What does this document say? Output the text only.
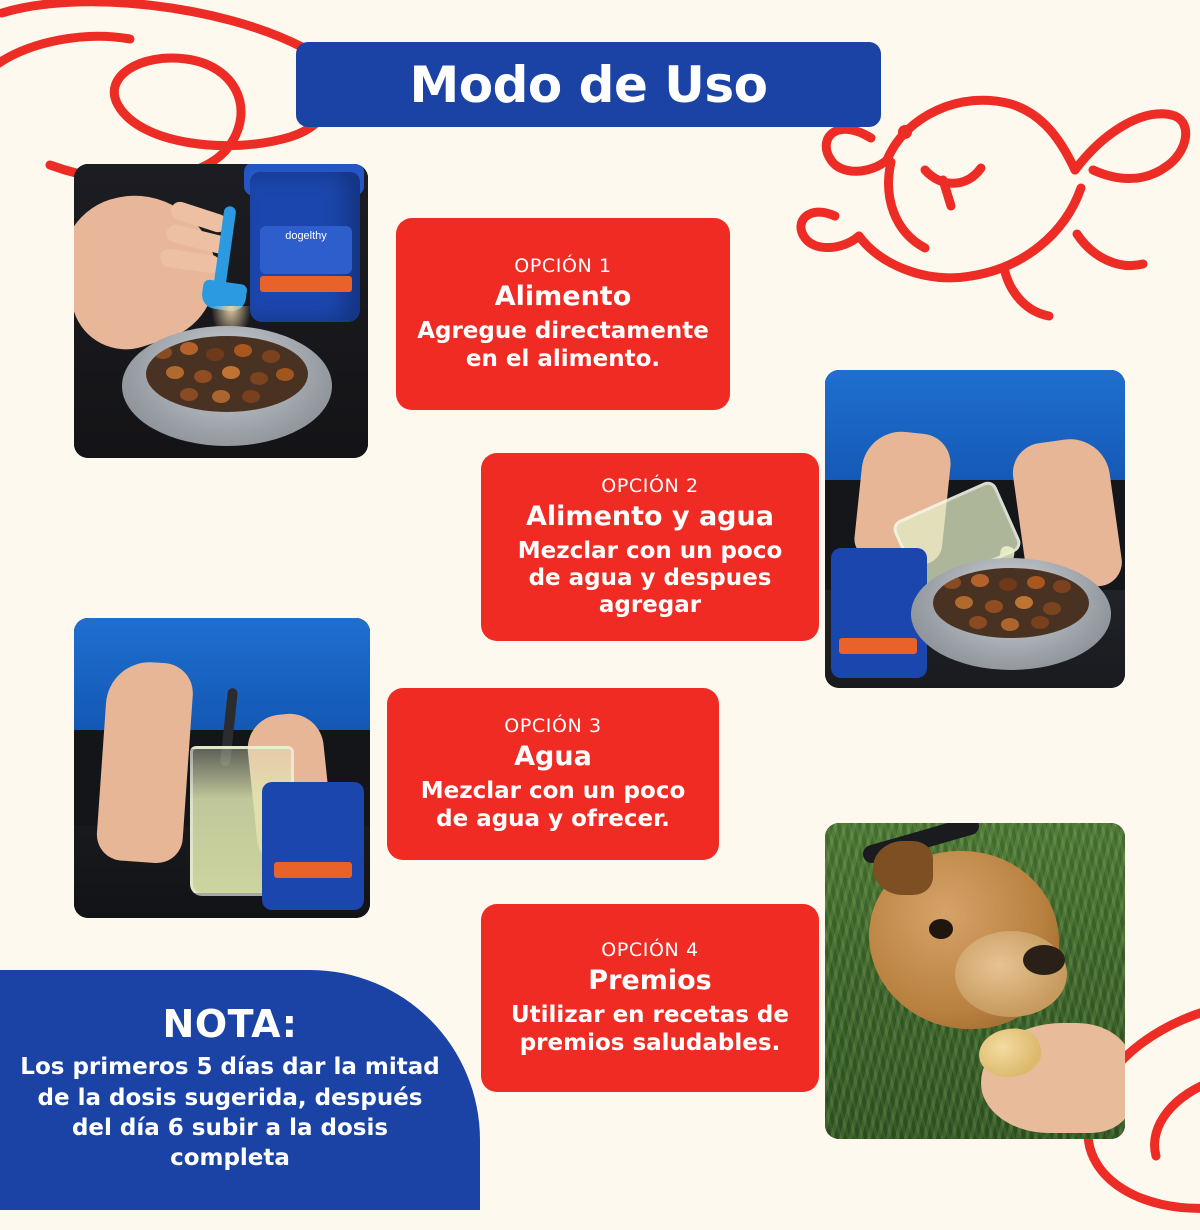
Modo de Uso
dogelthy
OPCIÓN 1
Alimento
Agregue directamente en el alimento.
OPCIÓN 2
Alimento y agua
Mezclar con un poco de agua y despues agregar
OPCIÓN 3
Agua
Mezclar con un poco de agua y ofrecer.
OPCIÓN 4
Premios
Utilizar en recetas de premios saludables.
NOTA:
Los primeros 5 días dar la mitad de la dosis sugerida, después del día 6 subir a la dosis completa
